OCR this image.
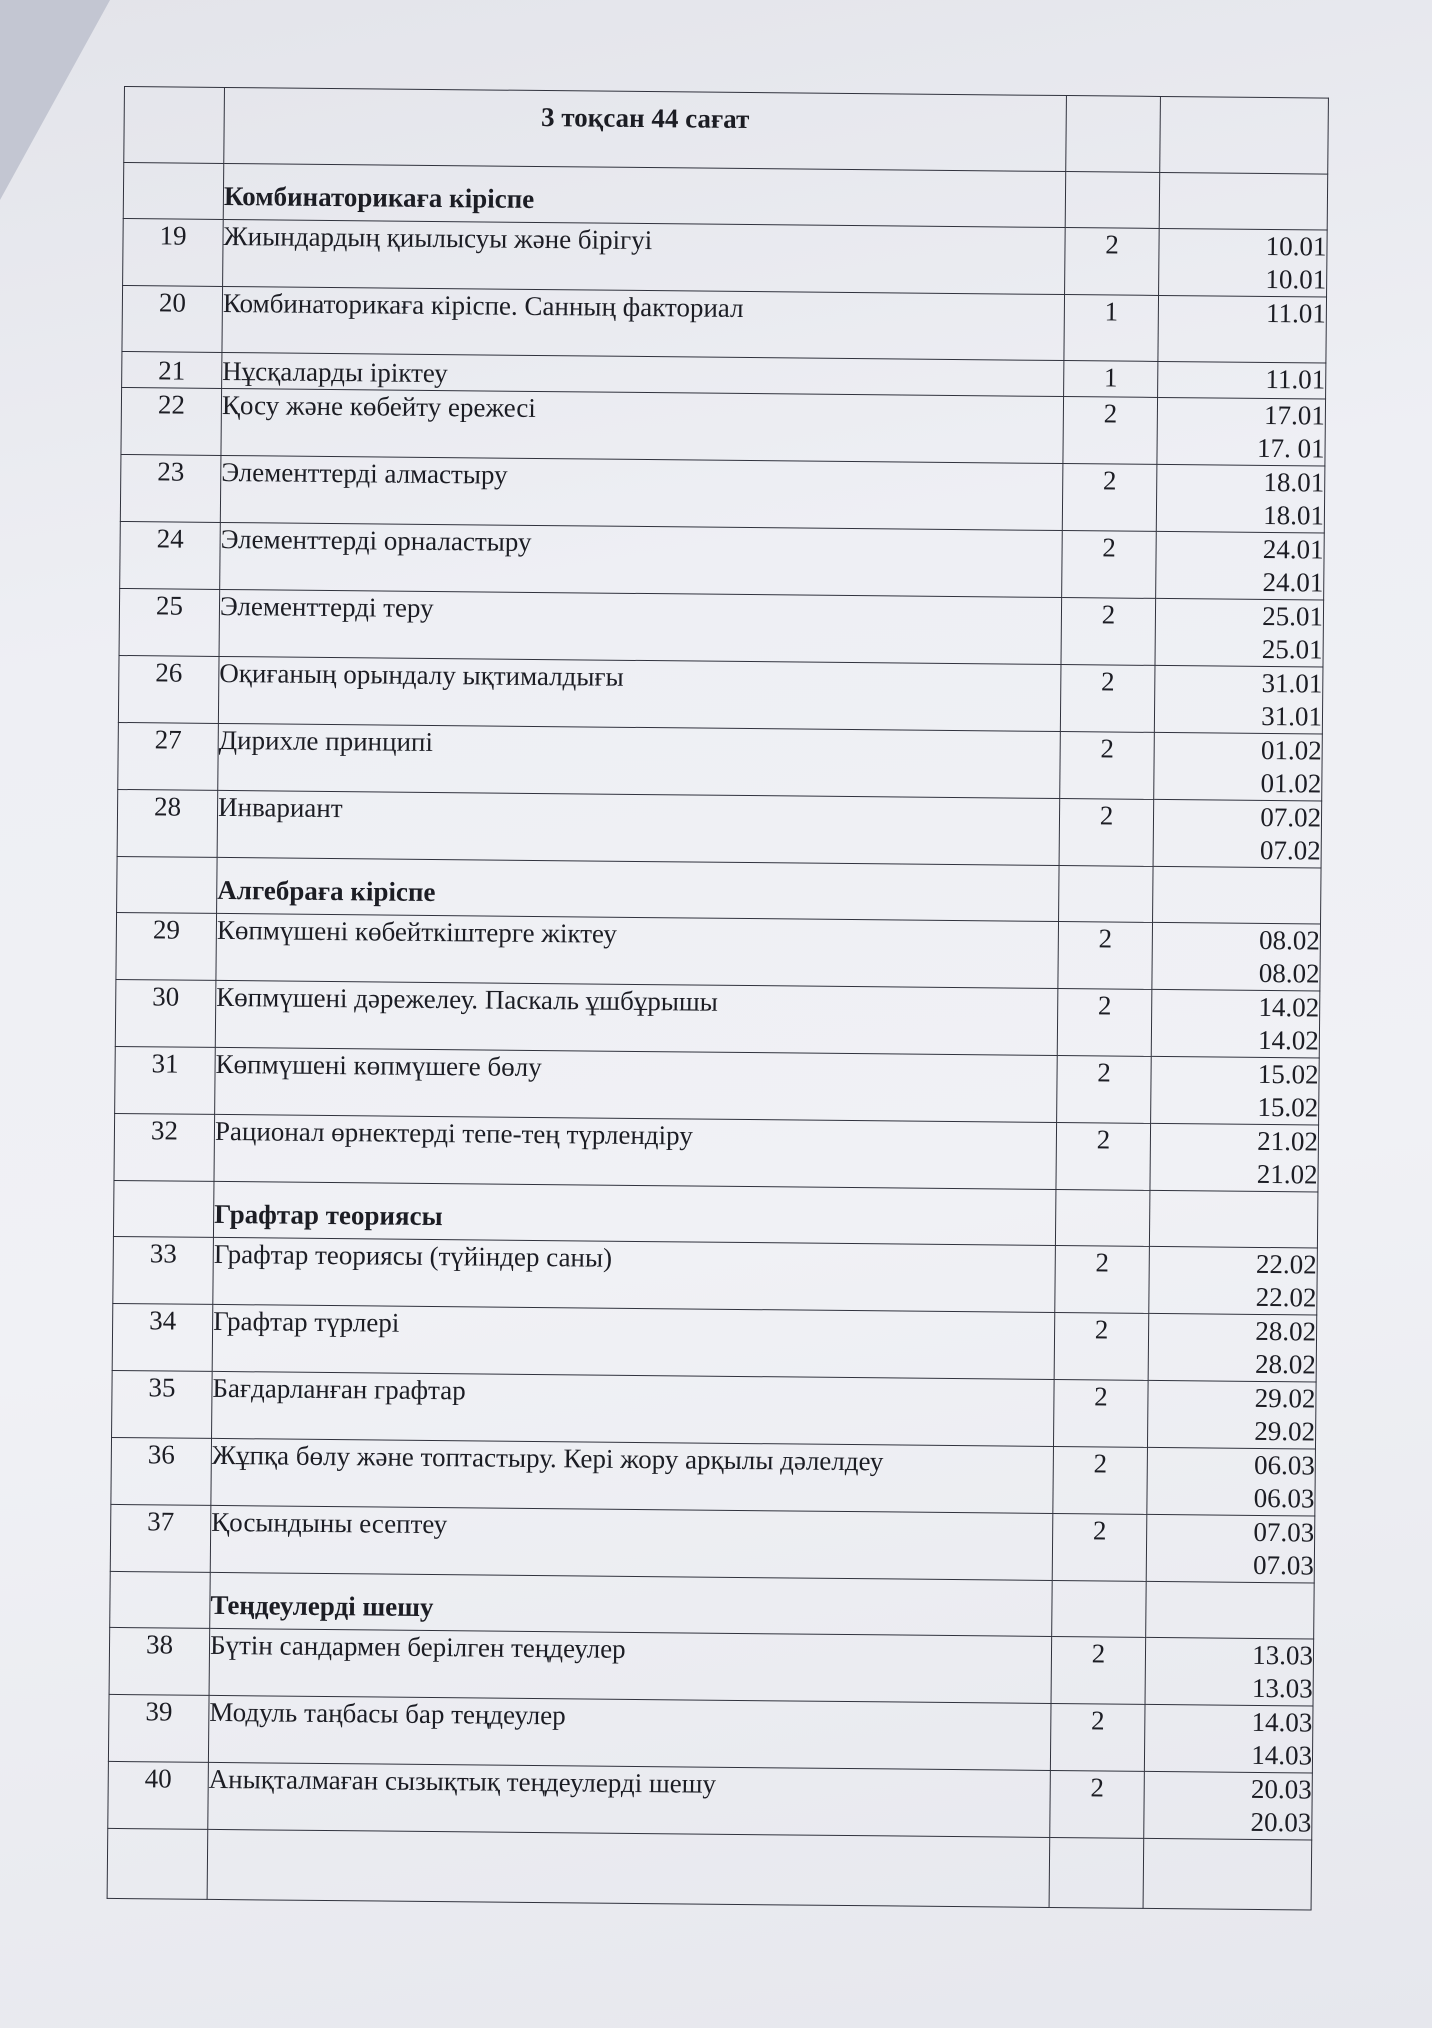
	3 тоқсан 44 сағат		
	Комбинаторикаға кіріспе		
19	Жиындардың қиылысуы және бірігуі	2	10.01
10.01

20	Комбинаторикаға кіріспе. Санның факториал	1	11.01

21	Нұсқаларды іріктеу	1	11.01

22	Қосу және көбейту ережесі	2	17.01
17. 01

23	Элементтерді алмастыру	2	18.01
18.01

24	Элементтерді орналастыру	2	24.01
24.01

25	Элементтерді теру	2	25.01
25.01

26	Оқиғаның орындалу ықтималдығы	2	31.01
31.01

27	Дирихле принципі	2	01.02
01.02

28	Инвариант	2	07.02
07.02

	Алгебраға кіріспе		
29	Көпмүшені көбейткіштерге жіктеу	2	08.02
08.02

30	Көпмүшені дәрежелеу. Паскаль ұшбұрышы	2	14.02
14.02

31	Көпмүшені көпмүшеге бөлу	2	15.02
15.02

32	Рационал өрнектерді тепе-тең түрлендіру	2	21.02
21.02

	Графтар теориясы		
33	Графтар теориясы (түйіндер саны)	2	22.02
22.02

34	Графтар түрлері	2	28.02
28.02

35	Бағдарланған графтар	2	29.02
29.02

36	Жұпқа бөлу және топтастыру. Кері жору арқылы дәлелдеу	2	06.03
06.03

37	Қосындыны есептеу	2	07.03
07.03

	Теңдеулерді шешу		
38	Бүтін сандармен берілген теңдеулер	2	13.03
13.03

39	Модуль таңбасы бар теңдеулер	2	14.03
14.03

40	Анықталмаған сызықтық теңдеулерді шешу	2	20.03
20.03
